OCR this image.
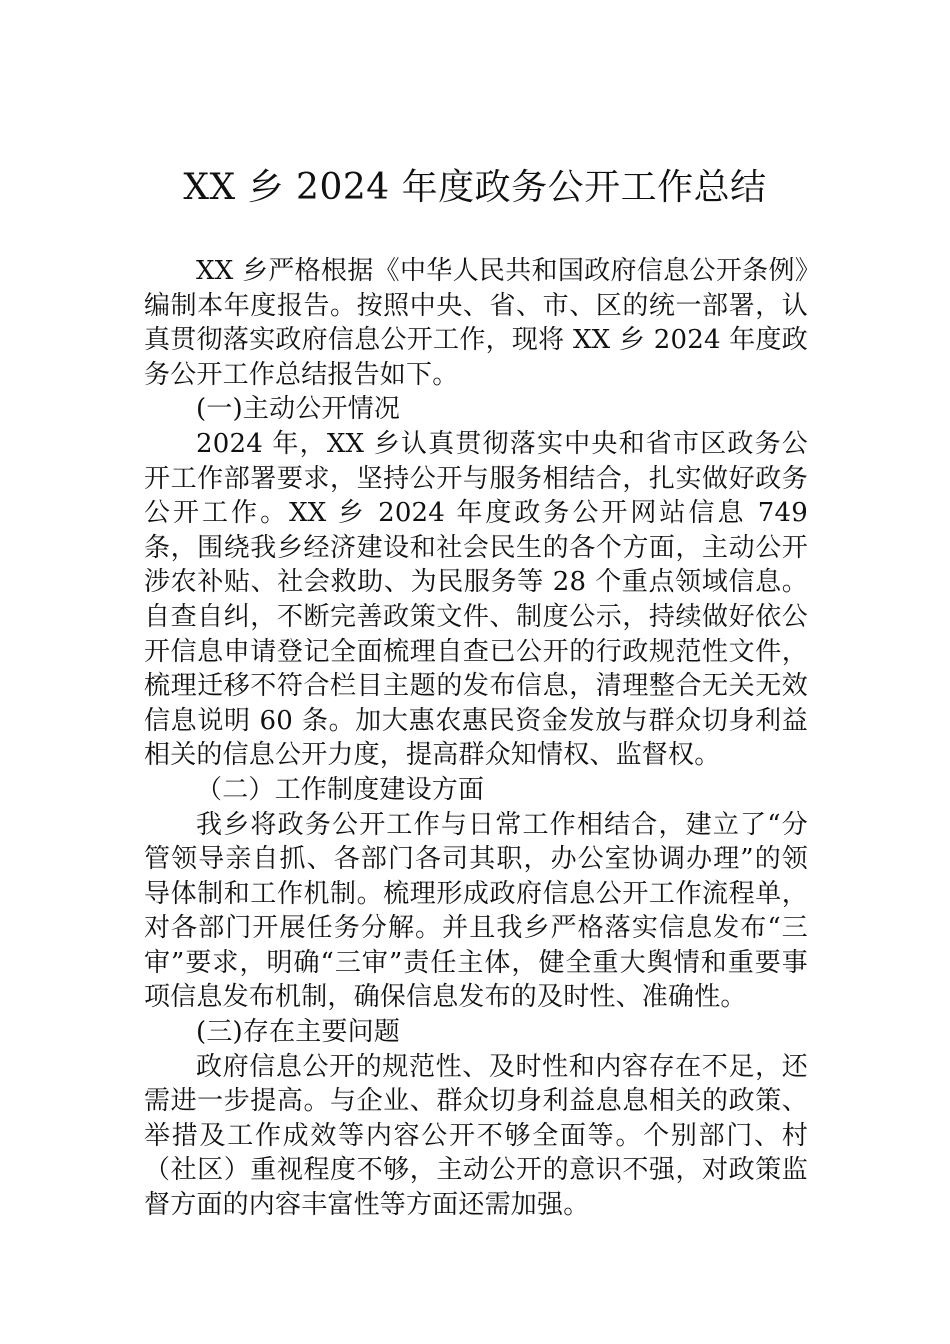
XX 乡 2024 年度政务公开工作总结

XX 乡严格根据《中华人民共和国政府信息公开条例》编制本年度报告。按照中央、省、市、区的统一部署，认真贯彻落实政府信息公开工作，现将 XX 乡 2024 年度政务公开工作总结报告如下。

(一)主动公开情况

2024 年，XX 乡认真贯彻落实中央和省市区政务公开工作部署要求，坚持公开与服务相结合，扎实做好政务公开工作。XX 乡 2024 年度政务公开网站信息 749 条，围绕我乡经济建设和社会民生的各个方面，主动公开涉农补贴、社会救助、为民服务等 28 个重点领域信息。自查自纠，不断完善政策文件、制度公示，持续做好依公开信息申请登记全面梳理自查已公开的行政规范性文件，梳理迁移不符合栏目主题的发布信息，清理整合无关无效信息说明 60 条。加大惠农惠民资金发放与群众切身利益相关的信息公开力度，提高群众知情权、监督权。

（二）工作制度建设方面

我乡将政务公开工作与日常工作相结合，建立了“分管领导亲自抓、各部门各司其职，办公室协调办理”的领导体制和工作机制。梳理形成政府信息公开工作流程单，对各部门开展任务分解。并且我乡严格落实信息发布“三审”要求，明确“三审”责任主体，健全重大舆情和重要事项信息发布机制，确保信息发布的及时性、准确性。

(三)存在主要问题

政府信息公开的规范性、及时性和内容存在不足，还需进一步提高。与企业、群众切身利益息息相关的政策、举措及工作成效等内容公开不够全面等。个别部门、村（社区）重视程度不够，主动公开的意识不强，对政策监督方面的内容丰富性等方面还需加强。
